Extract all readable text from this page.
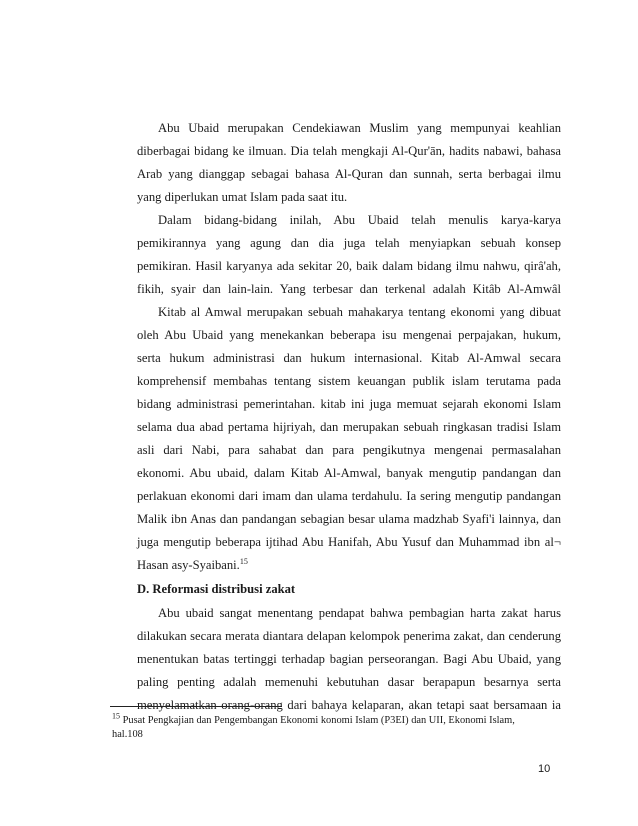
Abu Ubaid merupakan Cendekiawan Muslim yang mempunyai keahlian
diberbagai bidang ke ilmuan. Dia telah mengkaji Al-Qur'ān, hadits nabawi, bahasa
Arab yang dianggap sebagai bahasa Al-Quran dan sunnah, serta berbagai ilmu
yang diperlukan umat Islam pada saat itu.
Dalam bidang-bidang inilah, Abu Ubaid telah menulis karya-karya
pemikirannya yang agung dan dia juga telah menyiapkan sebuah konsep
pemikiran. Hasil karyanya ada sekitar 20, baik dalam bidang ilmu nahwu, qirâ'ah,
fikih, syair dan lain-lain. Yang terbesar dan terkenal adalah Kitâb Al-Amwâl
Kitab al Amwal merupakan sebuah mahakarya tentang ekonomi yang dibuat
oleh Abu Ubaid yang menekankan beberapa isu mengenai perpajakan, hukum,
serta hukum administrasi dan hukum internasional. Kitab Al-Amwal secara
komprehensif membahas tentang sistem keuangan publik islam terutama pada
bidang administrasi pemerintahan. kitab ini juga memuat sejarah ekonomi Islam
selama dua abad pertama hijriyah, dan merupakan sebuah ringkasan tradisi Islam
asli dari Nabi, para sahabat dan para pengikutnya mengenai permasalahan
ekonomi. Abu ubaid, dalam Kitab Al-Amwal, banyak mengutip pandangan dan
perlakuan ekonomi dari imam dan ulama terdahulu. Ia sering mengutip pandangan
Malik ibn Anas dan pandangan sebagian besar ulama madzhab Syafi'i lainnya, dan
juga mengutip beberapa ijtihad Abu Hanifah, Abu Yusuf dan Muhammad ibn al¬
Hasan asy-Syaibani.$^{15}$
D. Reformasi distribusi zakat
Abu ubaid sangat menentang pendapat bahwa pembagian harta zakat harus
dilakukan secara merata diantara delapan kelompok penerima zakat, dan cenderung
menentukan batas tertinggi terhadap bagian perseorangan. Bagi Abu Ubaid, yang
paling penting adalah memenuhi kebutuhan dasar berapapun besarnya serta
menyelamatkan orang-orang dari bahaya kelaparan, akan tetapi saat bersamaan ia
$^{15}$ Pusat Pengkajian dan Pengembangan Ekonomi konomi Islam (P3EI) dan UII, Ekonomi Islam,
hal.108
10
